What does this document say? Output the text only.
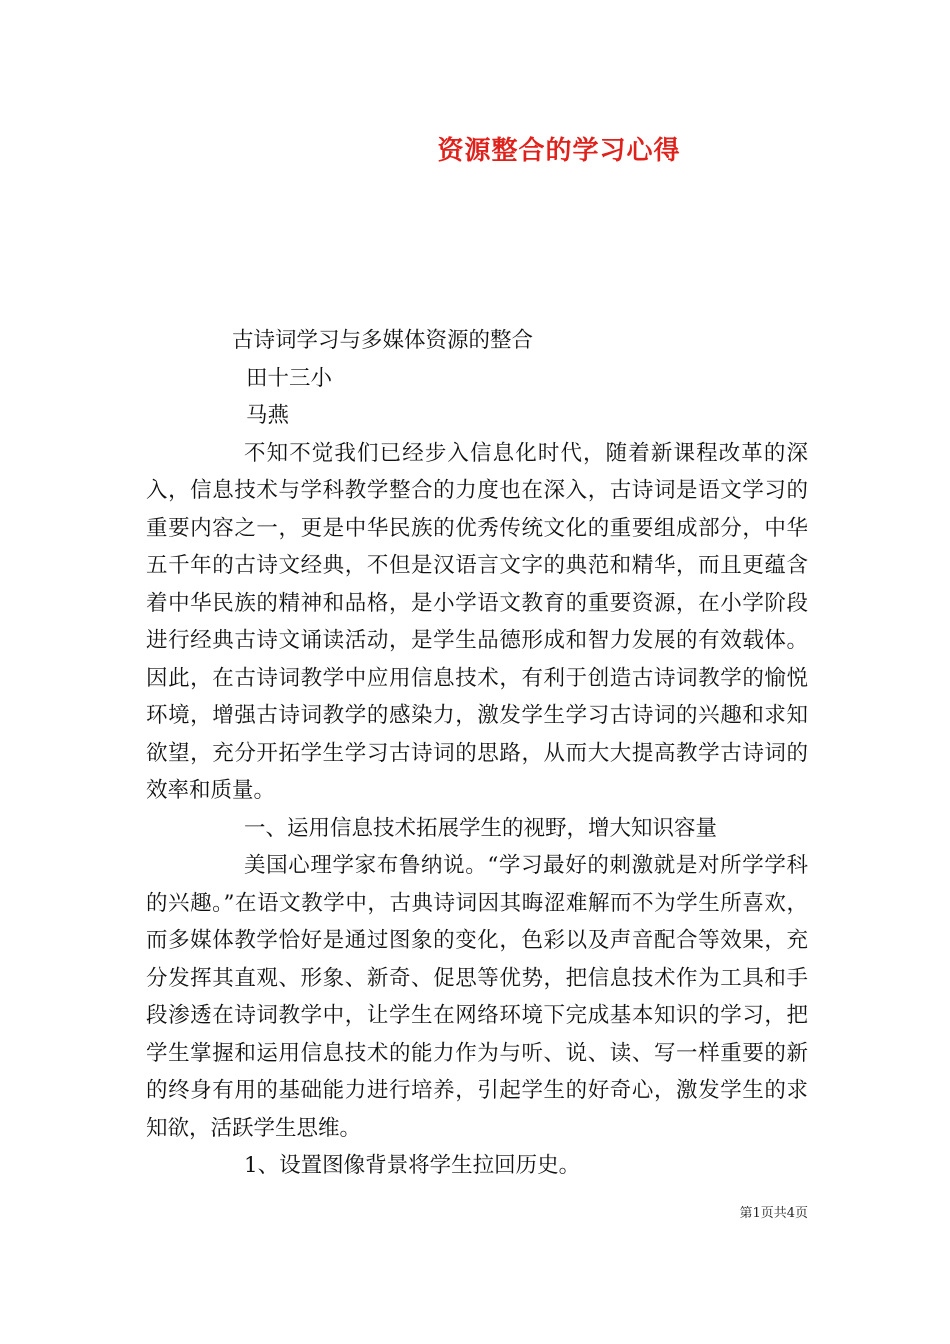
资源整合的学习心得
古诗词学习与多媒体资源的整合
田十三小
马燕

不知不觉我们已经步入信息化时代，随着新课程改革的深入，信息技术与学科教学整合的力度也在深入，古诗词是语文学习的重要内容之一，更是中华民族的优秀传统文化的重要组成部分，中华五千年的古诗文经典，不但是汉语言文字的典范和精华，而且更蕴含着中华民族的精神和品格，是小学语文教育的重要资源，在小学阶段进行经典古诗文诵读活动，是学生品德形成和智力发展的有效载体。因此，在古诗词教学中应用信息技术，有利于创造古诗词教学的愉悦环境，增强古诗词教学的感染力，激发学生学习古诗词的兴趣和求知欲望，充分开拓学生学习古诗词的思路，从而大大提高教学古诗词的效率和质量。

一、运用信息技术拓展学生的视野，增大知识容量

美国心理学家布鲁纳说。“学习最好的刺激就是对所学学科的兴趣。”在语文教学中，古典诗词因其晦涩难解而不为学生所喜欢，而多媒体教学恰好是通过图象的变化，色彩以及声音配合等效果，充分发挥其直观、形象、新奇、促思等优势，把信息技术作为工具和手段渗透在诗词教学中，让学生在网络环境下完成基本知识的学习，把学生掌握和运用信息技术的能力作为与听、说、读、写一样重要的新的终身有用的基础能力进行培养，引起学生的好奇心，激发学生的求知欲，活跃学生思维。

1、设置图像背景将学生拉回历史。
第1页共4页
